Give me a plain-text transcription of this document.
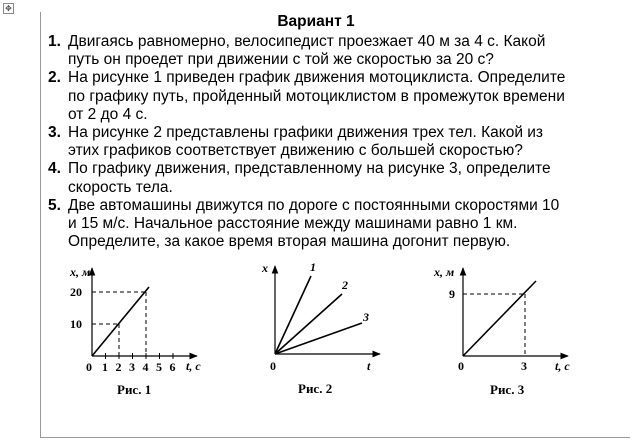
✥
Вариант 1
1. Двигаясь равномерно, велосипедист проезжает 40 м за 4 с. Какой
путь он проедет при движении с той же скоростью за 20 с?
2. На рисунке 1 приведен график движения мотоциклиста. Определите
по графику путь, пройденный мотоциклистом в промежуток времени
от 2 до 4 с.
3. На рисунке 2 представлены графики движения трех тел. Какой из
этих графиков соответствует движению с большей скоростью?
4. По графику движения, представленному на рисунке 3, определите
скорость тела.
5. Две автомашины движутся по дороге с постоянными скоростями 10
и 15 м/с. Начальное расстояние между машинами равно 1 км.
Определите, за какое время вторая машина догонит первую.
x, м
t, c
20
10
0 1 2 3 4 5 6
Рис. 1
x
t
0
1
2
3
Рис. 2
x, м
t, c
9
0	3
Рис. 3
